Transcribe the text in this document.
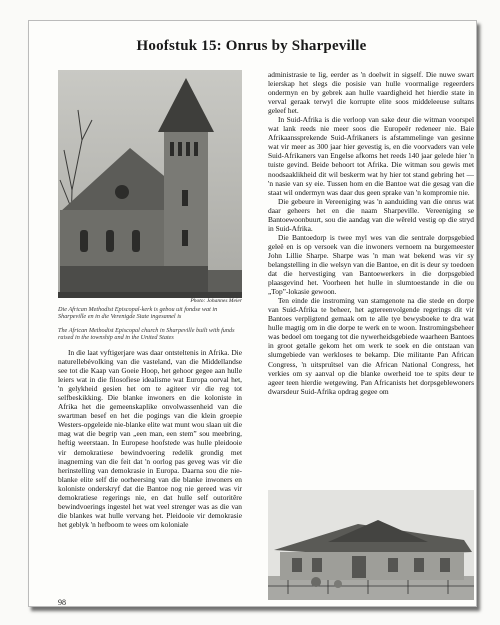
Hoofstuk 15: Onrus by Sharpeville
Photo: Johannes Meier
Die African Methodist Episcopal-kerk is gebou uit fondse wat in Sharpeville en in die Verenigde State ingesamel is
The African Methodist Episcopal church in Sharpeville built with funds raised in the township and in the United States

In die laat vyftigerjare was daar ontsteltenis in Afrika. Die naturellebévolking van die vasteland, van die Middellandse see tot die Kaap van Goeie Hoop, het gehoor gegee aan hulle leiers wat in die filosofiese idealisme wat Europa oorval het, 'n gelykheid gesien het om te agiteer vir die reg tot selfbeskikking. Die blanke inwoners en die koloniste in Afrika het die gemeenskaplike onvolwassenheid van die swartman besef en het die pogings van die klein groepie Westers-opgeleide nie-blanke elite wat munt wou slaan uit die mag wat die begrip van „een man, een stem” sou meebring, heftig weerstaan. In Europese hoofstede was hulle pleidooie vir demokratiese bewindvoering redelik grondig met inagneming van die feit dat 'n oorlog pas geveg was vir die herinstelling van demokrasie in Europa. Daarna sou die nie-blanke elite self die oorheersing van die blanke inwoners en koloniste onderskryf dat die Bantoe nog nie gereed was vir demokratiese regerings nie, en dat hulle self outoritêre bewindvoerings ingestel het wat veel strenger was as die van die blankes wat hulle vervang het. Pleidooie vir demokrasie het geblyk 'n hefboom te wees om koloniale

administrasie te lig, eerder as 'n doelwit in sigself. Die nuwe swart leierskap het slegs die posisie van hulle voormalige regeerders ondermyn en by gebrek aan hulle vaardigheid het hierdie state in verval geraak terwyl die korrupte elite soos middeleeuse sultans geleef het.

In Suid-Afrika is die verloop van sake deur die witman voorspel wat lank reeds nie meer soos die Europeër redeneer nie. Baie Afrikaanssprekende Suid-Afrikaners is afstammelinge van gesinne wat vir meer as 300 jaar hier gevestig is, en die voorvaders van vele Suid-Afrikaners van Engelse afkoms het reeds 140 jaar gelede hier 'n tuiste gevind. Beide behoort tot Afrika. Die witman sou gewis met noodsaaklikheid dit wil beskerm wat hy hier tot stand gebring het — 'n nasie van sy eie. Tussen hom en die Bantoe wat die gesag van die staat wil ondermyn was daar dus geen sprake van 'n kompromie nie.

Die gebeure in Vereeniging was 'n aanduiding van die onrus wat daar geheers het en die naam Sharpeville. Vereeniging se Bantoewoonbuurt, sou die aandag van die wêreld vestig op die stryd in Suid-Afrika.

Die Bantoedorp is twee myl wes van die sentrale dorpsgebied geleë en is op versoek van die inwoners vernoem na burgemeester John Lillie Sharpe. Sharpe was 'n man wat bekend was vir sy belangstelling in die welsyn van die Bantoe, en dit is deur sy toedoen dat die hervestiging van Bantoewerkers in die dorpsgebied plaasgevind het. Voorheen het hulle in slumtoestande in die ou „Top”-lokasie gewoon.

Ten einde die instroming van stamgenote na die stede en dorpe van Suid-Afrika te beheer, het agtereenvolgende regerings dit vir Bantoes verpligtend gemaak om te alle tye bewysboeke te dra wat hulle magtig om in die dorpe te werk en te woon. Instromingsbeheer was bedoel om toegang tot die nywerheidsgebiede waarheen Bantoes in groot getalle gekom het om werk te soek en die ontstaan van slumgebiede van werkloses te bekamp. Die militante Pan African Congress, 'n uitspruïtsel van die African National Congress, het verkies om sy aanval op die blanke owerheid toe te spits deur te ageer teen hierdie wetgewing. Pan Africanists het dorpsgeblewoners dwarsdeur Suid-Afrika opdrag gegee om

98
